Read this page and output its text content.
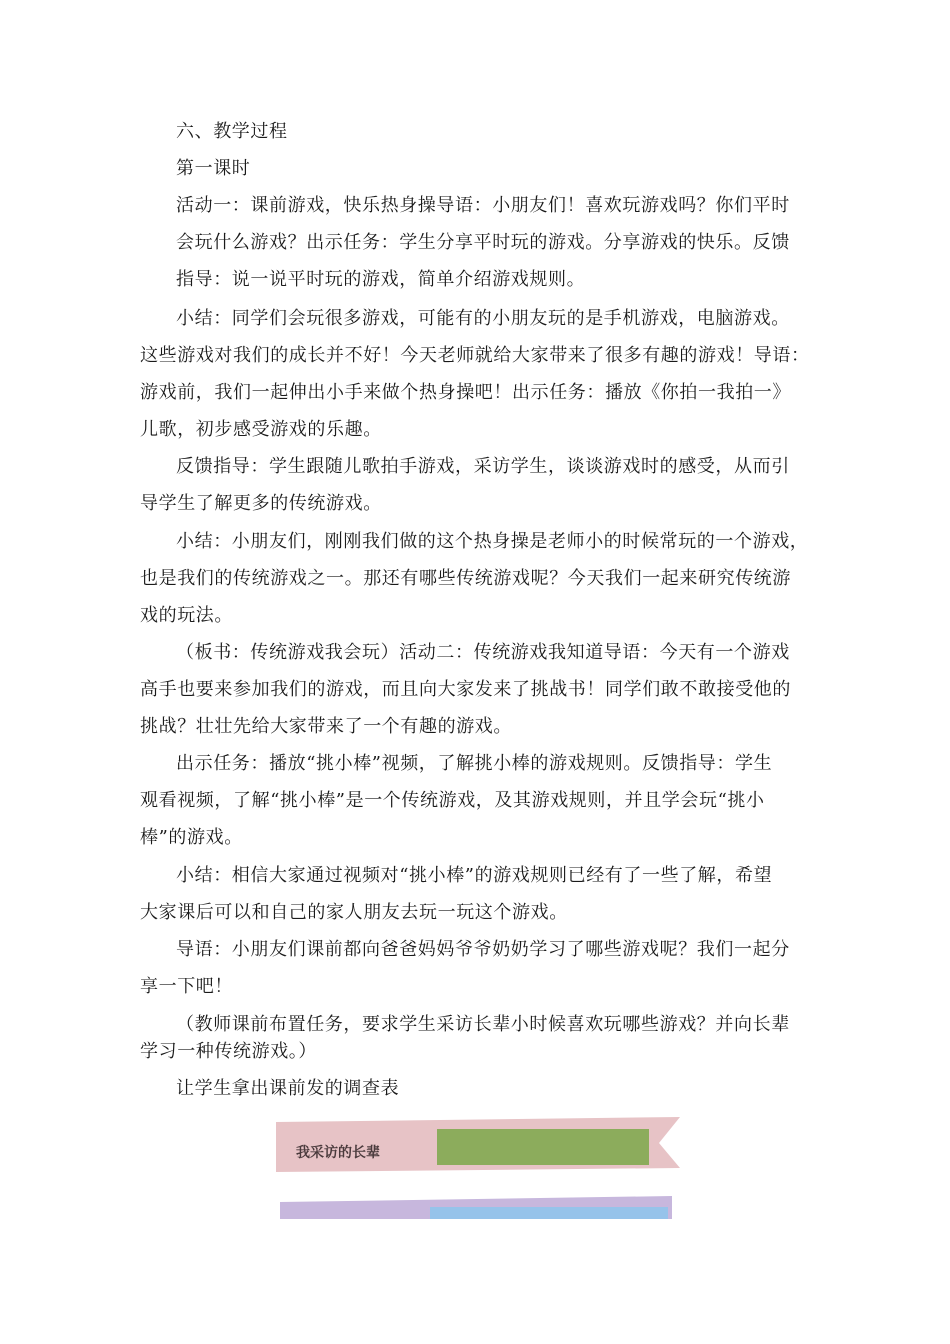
六、教学过程
第一课时
活动一：课前游戏，快乐热身操导语：小朋友们！喜欢玩游戏吗？你们平时
会玩什么游戏？出示任务：学生分享平时玩的游戏。分享游戏的快乐。反馈
指导：说一说平时玩的游戏，简单介绍游戏规则。
小结：同学们会玩很多游戏，可能有的小朋友玩的是手机游戏，电脑游戏。
这些游戏对我们的成长并不好！今天老师就给大家带来了很多有趣的游戏！导语：
游戏前，我们一起伸出小手来做个热身操吧！出示任务：播放《你拍一我拍一》
儿歌，初步感受游戏的乐趣。
反馈指导：学生跟随儿歌拍手游戏，采访学生，谈谈游戏时的感受，从而引
导学生了解更多的传统游戏。
小结：小朋友们，刚刚我们做的这个热身操是老师小的时候常玩的一个游戏，
也是我们的传统游戏之一。那还有哪些传统游戏呢？今天我们一起来研究传统游
戏的玩法。
（板书：传统游戏我会玩）活动二：传统游戏我知道导语：今天有一个游戏
高手也要来参加我们的游戏，而且向大家发来了挑战书！同学们敢不敢接受他的
挑战？壮壮先给大家带来了一个有趣的游戏。
出示任务：播放“挑小棒”视频，了解挑小棒的游戏规则。反馈指导：学生
观看视频，了解“挑小棒”是一个传统游戏，及其游戏规则，并且学会玩“挑小
棒”的游戏。
小结：相信大家通过视频对“挑小棒”的游戏规则已经有了一些了解，希望
大家课后可以和自己的家人朋友去玩一玩这个游戏。
导语：小朋友们课前都向爸爸妈妈爷爷奶奶学习了哪些游戏呢？我们一起分
享一下吧！
（教师课前布置任务，要求学生采访长辈小时候喜欢玩哪些游戏？并向长辈
学习一种传统游戏。）
让学生拿出课前发的调查表
我采访的长辈
